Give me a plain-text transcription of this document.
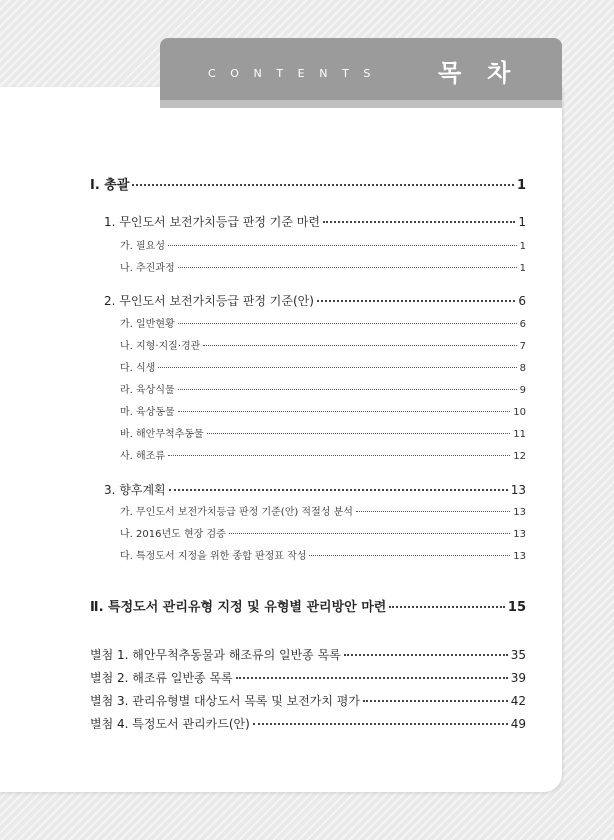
CONTENTS 목차
Ⅰ. 총괄	1
1. 무인도서 보전가치등급 판정 기준 마련	1
가. 필요성	1
나. 추진과정	1
2. 무인도서 보전가치등급 판정 기준(안)	6
가. 일반현황	6
나. 지형·지질·경관	7
다. 식생	8
라. 육상식물	9
마. 육상동물	10
바. 해안무척추동물	11
사. 해조류	12
3. 향후계획	13
가. 무인도서 보전가치등급 판정 기준(안) 적절성 분석	13
나. 2016년도 현장 검증	13
다. 특정도서 지정을 위한 종합 판정표 작성	13
Ⅱ. 특정도서 관리유형 지정 및 유형별 관리방안 마련	15
별첨 1. 해안무척추동물과 해조류의 일반종 목록	35
별첨 2. 해조류 일반종 목록	39
별첨 3. 관리유형별 대상도서 목록 및 보전가치 평가	42
별첨 4. 특정도서 관리카드(안)	49
